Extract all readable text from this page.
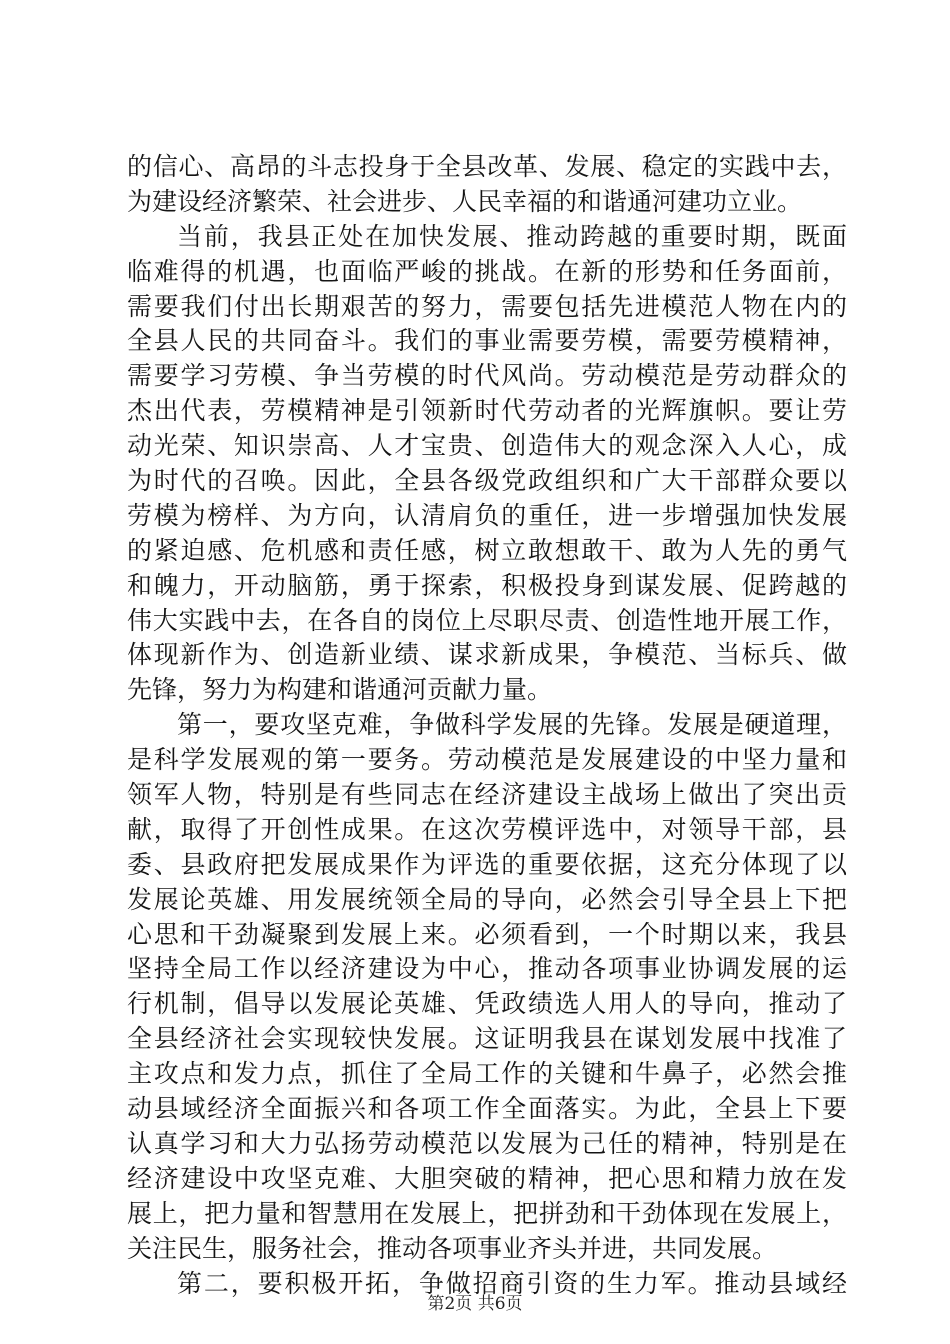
的信心、高昂的斗志投身于全县改革、发展、稳定的实践中去，
为建设经济繁荣、社会进步、人民幸福的和谐通河建功立业。
当前，我县正处在加快发展、推动跨越的重要时期，既面
临难得的机遇，也面临严峻的挑战。在新的形势和任务面前，
需要我们付出长期艰苦的努力，需要包括先进模范人物在内的
全县人民的共同奋斗。我们的事业需要劳模，需要劳模精神，
需要学习劳模、争当劳模的时代风尚。劳动模范是劳动群众的
杰出代表，劳模精神是引领新时代劳动者的光辉旗帜。要让劳
动光荣、知识崇高、人才宝贵、创造伟大的观念深入人心，成
为时代的召唤。因此，全县各级党政组织和广大干部群众要以
劳模为榜样、为方向，认清肩负的重任，进一步增强加快发展
的紧迫感、危机感和责任感，树立敢想敢干、敢为人先的勇气
和魄力，开动脑筋，勇于探索，积极投身到谋发展、促跨越的
伟大实践中去，在各自的岗位上尽职尽责、创造性地开展工作，
体现新作为、创造新业绩、谋求新成果，争模范、当标兵、做
先锋，努力为构建和谐通河贡献力量。
第一，要攻坚克难，争做科学发展的先锋。发展是硬道理，
是科学发展观的第一要务。劳动模范是发展建设的中坚力量和
领军人物，特别是有些同志在经济建设主战场上做出了突出贡
献，取得了开创性成果。在这次劳模评选中，对领导干部，县
委、县政府把发展成果作为评选的重要依据，这充分体现了以
发展论英雄、用发展统领全局的导向，必然会引导全县上下把
心思和干劲凝聚到发展上来。必须看到，一个时期以来，我县
坚持全局工作以经济建设为中心，推动各项事业协调发展的运
行机制，倡导以发展论英雄、凭政绩选人用人的导向，推动了
全县经济社会实现较快发展。这证明我县在谋划发展中找准了
主攻点和发力点，抓住了全局工作的关键和牛鼻子，必然会推
动县域经济全面振兴和各项工作全面落实。为此，全县上下要
认真学习和大力弘扬劳动模范以发展为己任的精神，特别是在
经济建设中攻坚克难、大胆突破的精神，把心思和精力放在发
展上，把力量和智慧用在发展上，把拼劲和干劲体现在发展上，
关注民生，服务社会，推动各项事业齐头并进，共同发展。
第二，要积极开拓，争做招商引资的生力军。推动县域经
第2页 共6页
